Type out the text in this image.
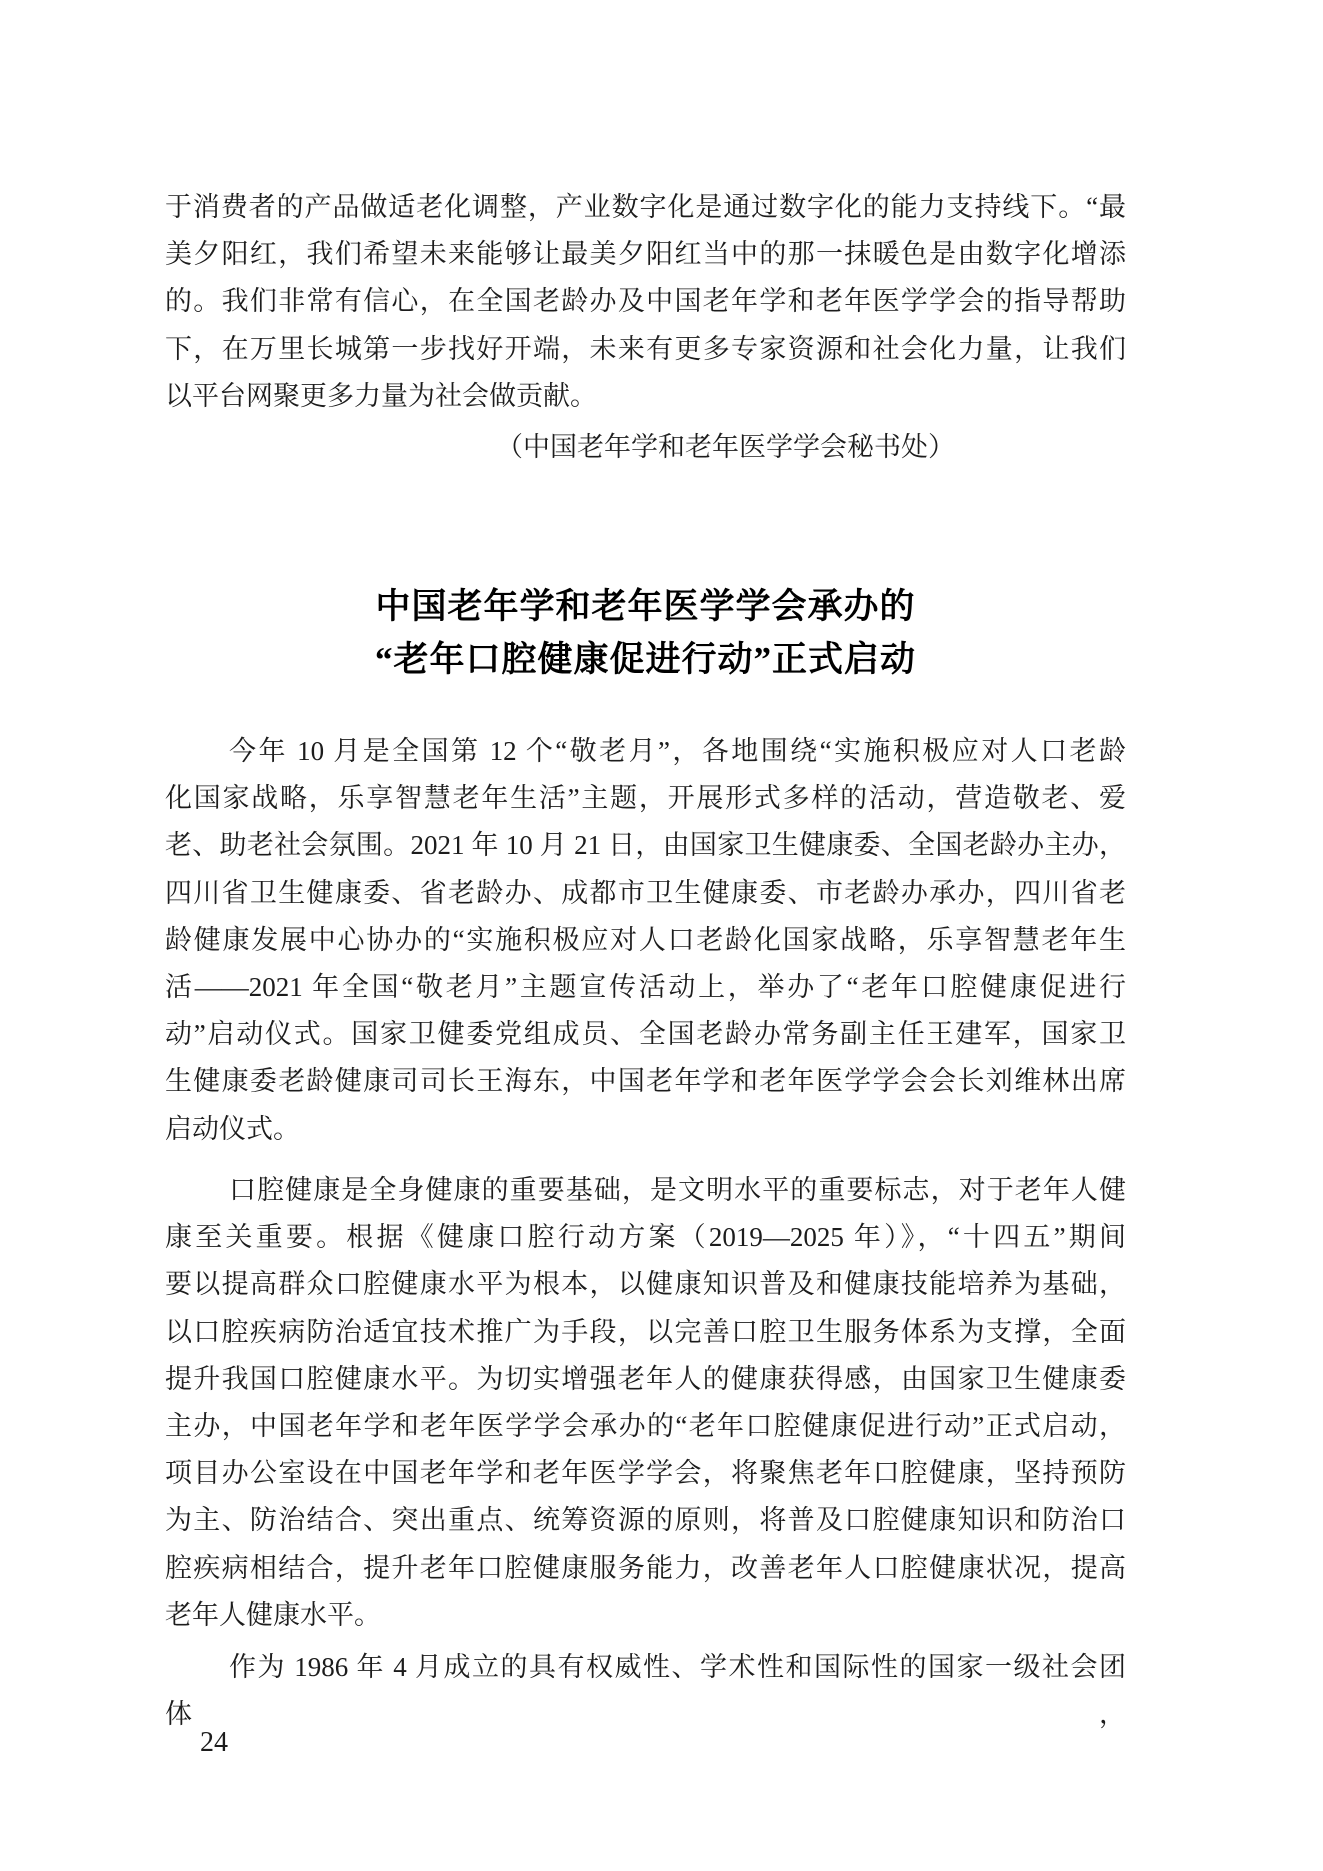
于消费者的产品做适老化调整，产业数字化是通过数字化的能力支持线下。“最
美夕阳红，我们希望未来能够让最美夕阳红当中的那一抹暖色是由数字化增添
的。我们非常有信心，在全国老龄办及中国老年学和老年医学学会的指导帮助
下，在万里长城第一步找好开端，未来有更多专家资源和社会化力量，让我们
以平台网聚更多力量为社会做贡献。
（中国老年学和老年医学学会秘书处）
中国老年学和老年医学学会承办的
“老年口腔健康促进行动”正式启动
今年 10 月是全国第 12 个“敬老月”，各地围绕“实施积极应对人口老龄
化国家战略，乐享智慧老年生活”主题，开展形式多样的活动，营造敬老、爱
老、助老社会氛围。2021 年 10 月 21 日，由国家卫生健康委、全国老龄办主办，
四川省卫生健康委、省老龄办、成都市卫生健康委、市老龄办承办，四川省老
龄健康发展中心协办的“实施积极应对人口老龄化国家战略，乐享智慧老年生
活——2021 年全国“敬老月”主题宣传活动上，举办了“老年口腔健康促进行
动”启动仪式。国家卫健委党组成员、全国老龄办常务副主任王建军，国家卫
生健康委老龄健康司司长王海东，中国老年学和老年医学学会会长刘维林出席
启动仪式。
口腔健康是全身健康的重要基础，是文明水平的重要标志，对于老年人健
康至关重要。根据《健康口腔行动方案（2019—2025 年）》，“十四五”期间
要以提高群众口腔健康水平为根本，以健康知识普及和健康技能培养为基础，
以口腔疾病防治适宜技术推广为手段，以完善口腔卫生服务体系为支撑，全面
提升我国口腔健康水平。为切实增强老年人的健康获得感，由国家卫生健康委
主办，中国老年学和老年医学学会承办的“老年口腔健康促进行动”正式启动，
项目办公室设在中国老年学和老年医学学会，将聚焦老年口腔健康，坚持预防
为主、防治结合、突出重点、统筹资源的原则，将普及口腔健康知识和防治口
腔疾病相结合，提升老年口腔健康服务能力，改善老年人口腔健康状况，提高
老年人健康水平。
作为 1986 年 4 月成立的具有权威性、学术性和国际性的国家一级社会团体，
24
